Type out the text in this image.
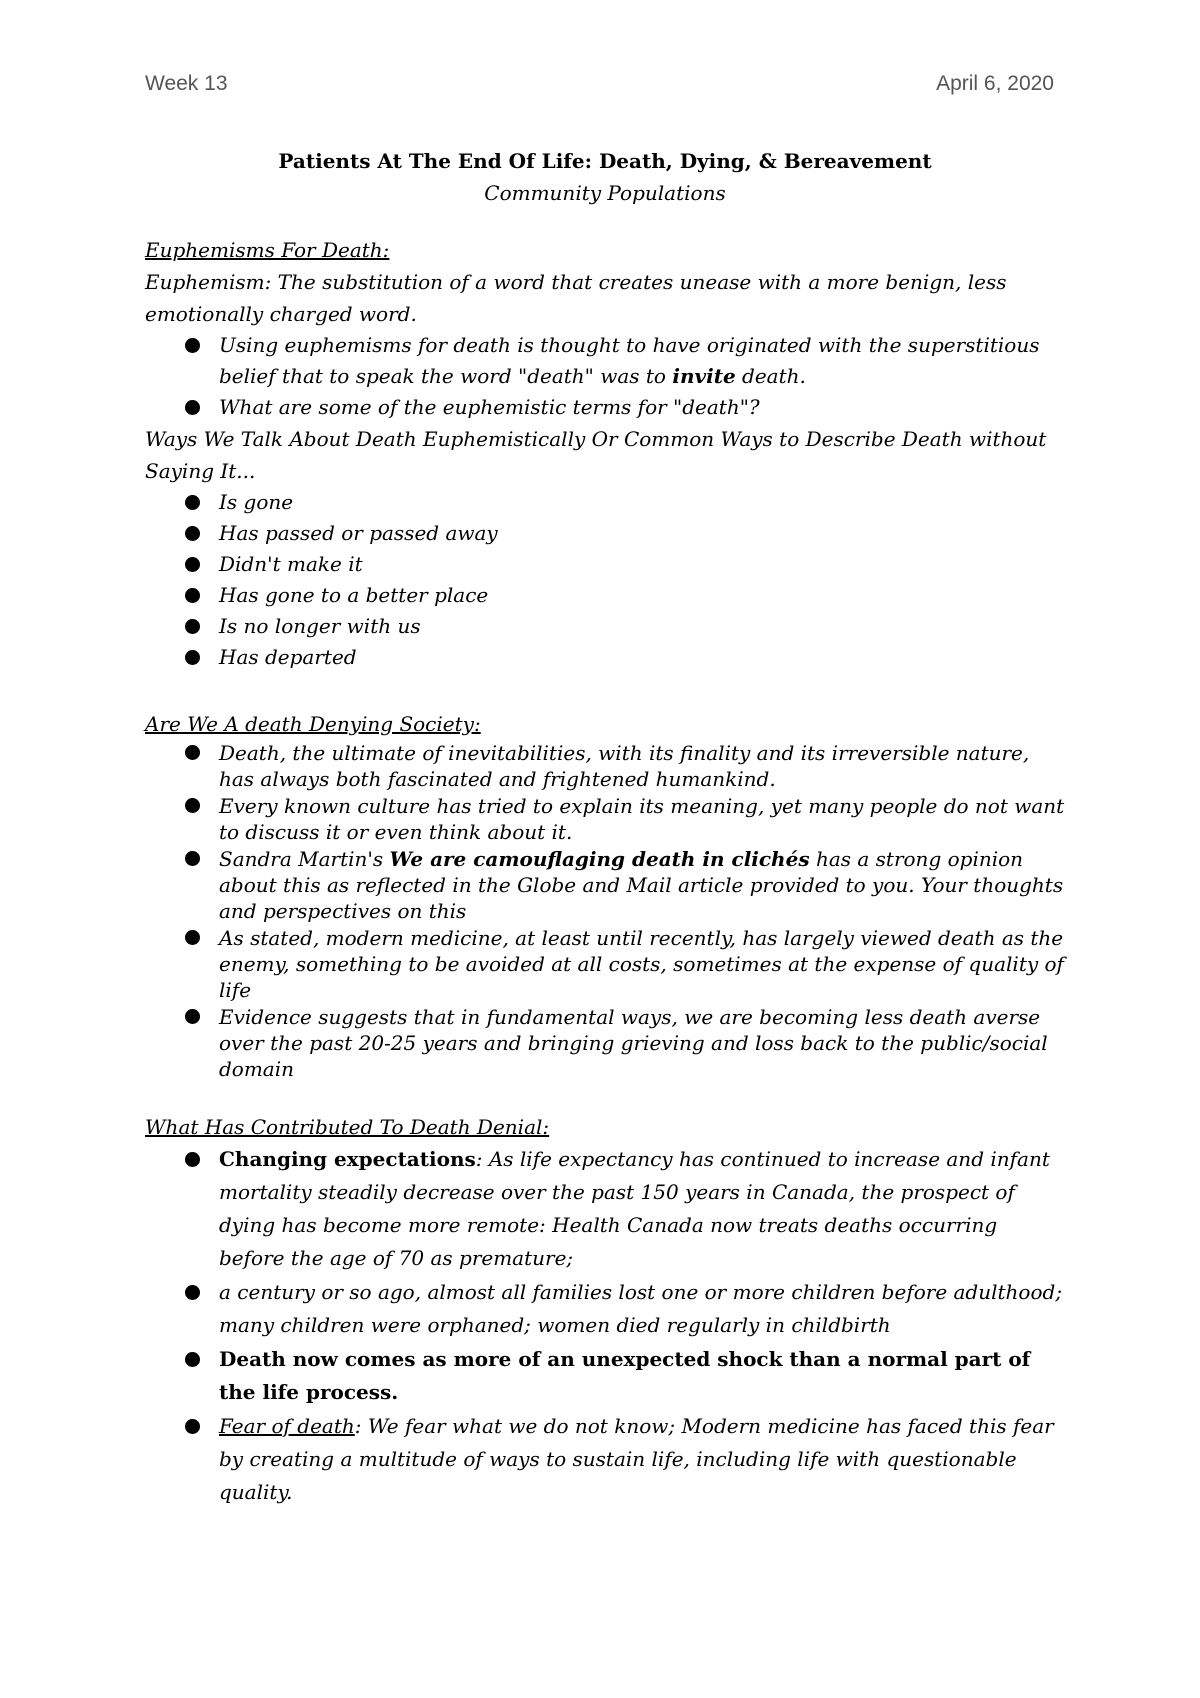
Week 13	April 6, 2020
Patients At The End Of Life: Death, Dying, & Bereavement
Community Populations
Euphemisms For Death:
Euphemism: The substitution of a word that creates unease with a more benign, less emotionally charged word.
Using euphemisms for death is thought to have originated with the superstitious belief that to speak the word "death" was to invite death.
What are some of the euphemistic terms for "death"?
Ways We Talk About Death Euphemistically Or Common Ways to Describe Death without Saying It...
Is gone
Has passed or passed away
Didn't make it
Has gone to a better place
Is no longer with us
Has departed
Are We A death Denying Society:
Death, the ultimate of inevitabilities, with its finality and its irreversible nature, has always both fascinated and frightened humankind.
Every known culture has tried to explain its meaning, yet many people do not want to discuss it or even think about it.
Sandra Martin's We are camouflaging death in clichés has a strong opinion about this as reflected in the Globe and Mail article provided to you. Your thoughts and perspectives on this
As stated, modern medicine, at least until recently, has largely viewed death as the enemy, something to be avoided at all costs, sometimes at the expense of quality of life
Evidence suggests that in fundamental ways, we are becoming less death averse over the past 20-25 years and bringing grieving and loss back to the public/social domain
What Has Contributed To Death Denial:
Changing expectations: As life expectancy has continued to increase and infant mortality steadily decrease over the past 150 years in Canada, the prospect of dying has become more remote: Health Canada now treats deaths occurring before the age of 70 as premature;
a century or so ago, almost all families lost one or more children before adulthood; many children were orphaned; women died regularly in childbirth
Death now comes as more of an unexpected shock than a normal part of the life process.
Fear of death: We fear what we do not know; Modern medicine has faced this fear by creating a multitude of ways to sustain life, including life with questionable quality.
